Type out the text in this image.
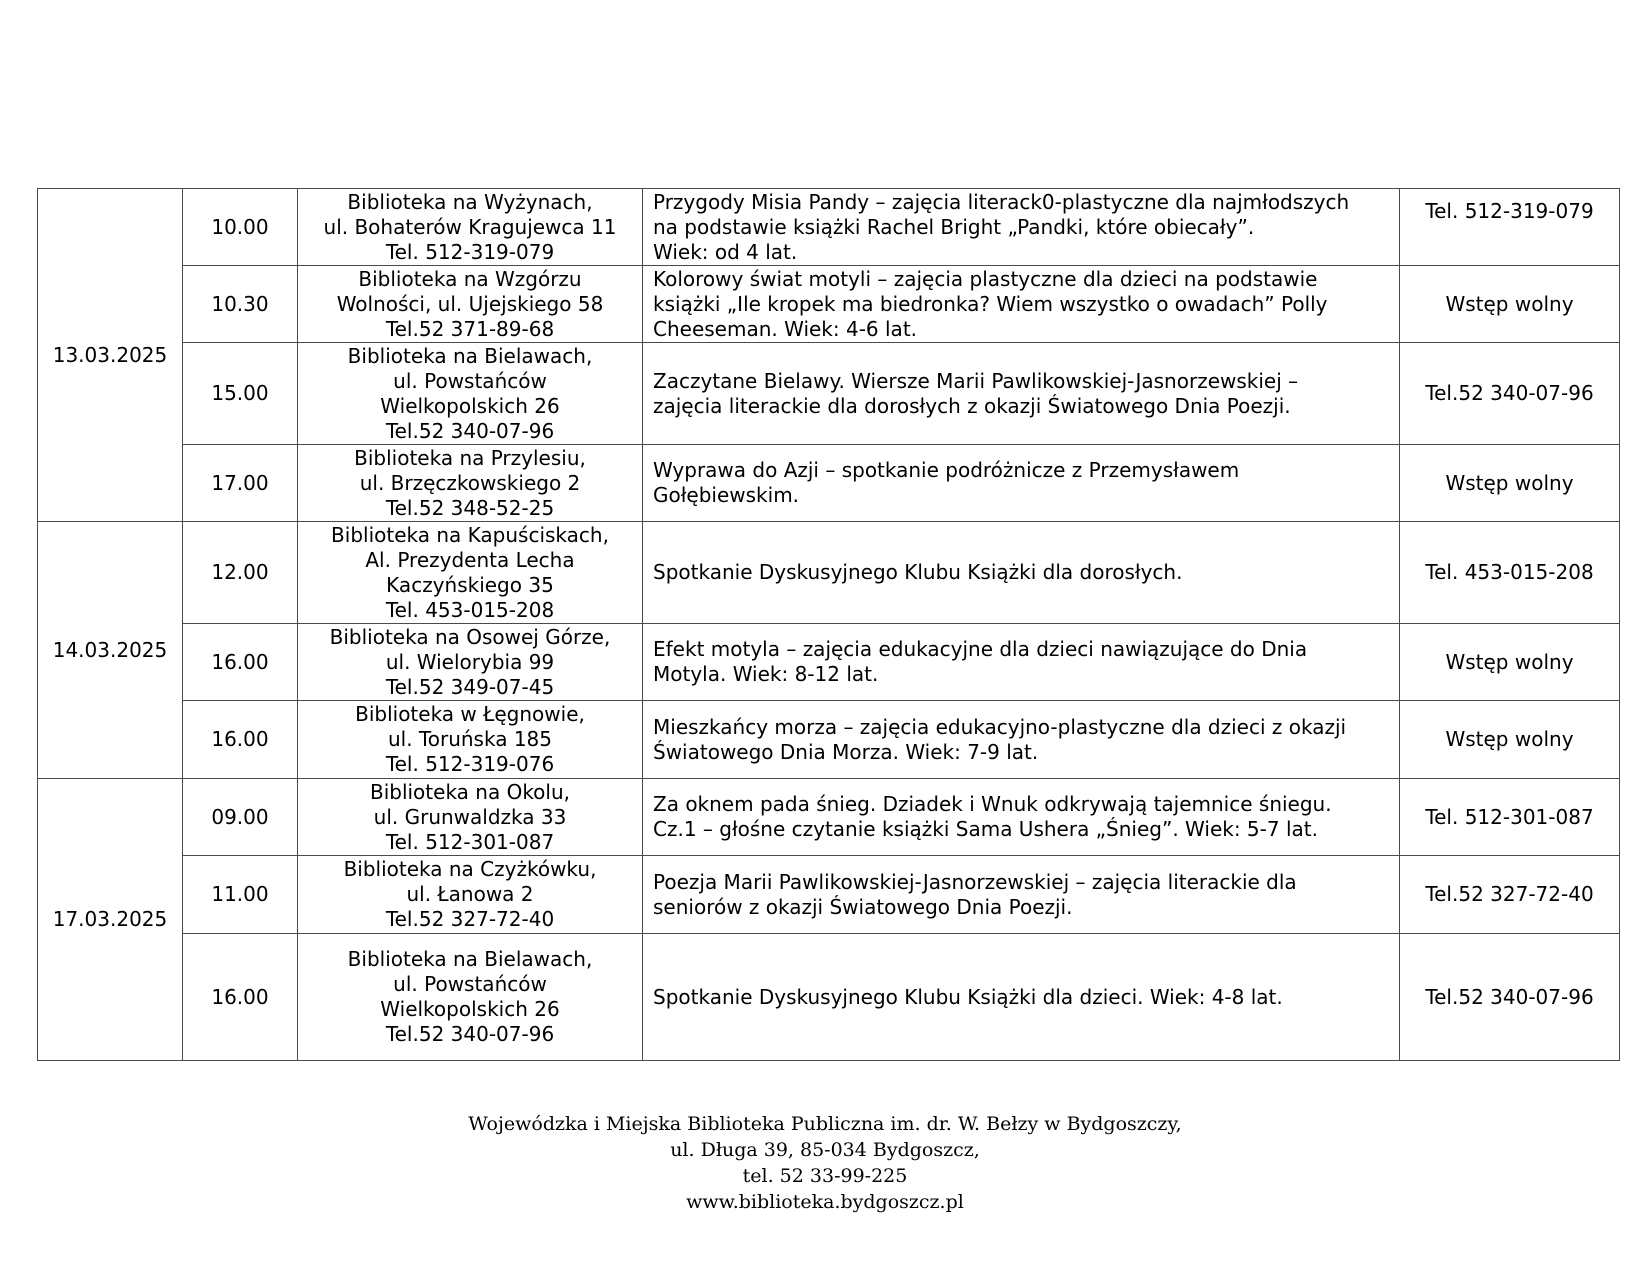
13.03.2025	10.00	Biblioteka na Wyżynach,
ul. Bohaterów Kragujewca 11
Tel. 512-319-079	Przygody Misia Pandy – zajęcia literack0-plastyczne dla najmłodszych
na podstawie książki Rachel Bright „Pandki, które obiecały”.
Wiek: od 4 lat.	Tel. 512-319-079
	10.30	Biblioteka na Wzgórzu
Wolności, ul. Ujejskiego 58
Tel.52 371-89-68	Kolorowy świat motyli – zajęcia plastyczne dla dzieci na podstawie
książki „Ile kropek ma biedronka? Wiem wszystko o owadach” Polly
Cheeseman. Wiek: 4-6 lat.	Wstęp wolny
	15.00	Biblioteka na Bielawach,
ul. Powstańców
Wielkopolskich 26
Tel.52 340-07-96	Zaczytane Bielawy. Wiersze Marii Pawlikowskiej-Jasnorzewskiej –
zajęcia literackie dla dorosłych z okazji Światowego Dnia Poezji.	Tel.52 340-07-96
	17.00	Biblioteka na Przylesiu,
ul. Brzęczkowskiego 2
Tel.52 348-52-25	Wyprawa do Azji – spotkanie podróżnicze z Przemysławem
Gołębiewskim.	Wstęp wolny
14.03.2025	12.00	Biblioteka na Kapuściskach,
Al. Prezydenta Lecha
Kaczyńskiego 35
Tel. 453-015-208	Spotkanie Dyskusyjnego Klubu Książki dla dorosłych.	Tel. 453-015-208
	16.00	Biblioteka na Osowej Górze,
ul. Wielorybia 99
Tel.52 349-07-45	Efekt motyla – zajęcia edukacyjne dla dzieci nawiązujące do Dnia
Motyla. Wiek: 8-12 lat.	Wstęp wolny
	16.00	Biblioteka w Łęgnowie,
ul. Toruńska 185
Tel. 512-319-076	Mieszkańcy morza – zajęcia edukacyjno-plastyczne dla dzieci z okazji
Światowego Dnia Morza. Wiek: 7-9 lat.	Wstęp wolny
17.03.2025	09.00	Biblioteka na Okolu,
ul. Grunwaldzka 33
Tel. 512-301-087	Za oknem pada śnieg. Dziadek i Wnuk odkrywają tajemnice śniegu.
Cz.1 – głośne czytanie książki Sama Ushera „Śnieg”. Wiek: 5-7 lat.	Tel. 512-301-087
	11.00	Biblioteka na Czyżkówku,
ul. Łanowa 2
Tel.52 327-72-40	Poezja Marii Pawlikowskiej-Jasnorzewskiej – zajęcia literackie dla
seniorów z okazji Światowego Dnia Poezji.	Tel.52 327-72-40
	16.00	Biblioteka na Bielawach,
ul. Powstańców
Wielkopolskich 26
Tel.52 340-07-96	Spotkanie Dyskusyjnego Klubu Książki dla dzieci. Wiek: 4-8 lat.	Tel.52 340-07-96
Wojewódzka i Miejska Biblioteka Publiczna im. dr. W. Bełzy w Bydgoszczy,
ul. Długa 39, 85-034 Bydgoszcz,
tel. 52 33-99-225
www.biblioteka.bydgoszcz.pl
